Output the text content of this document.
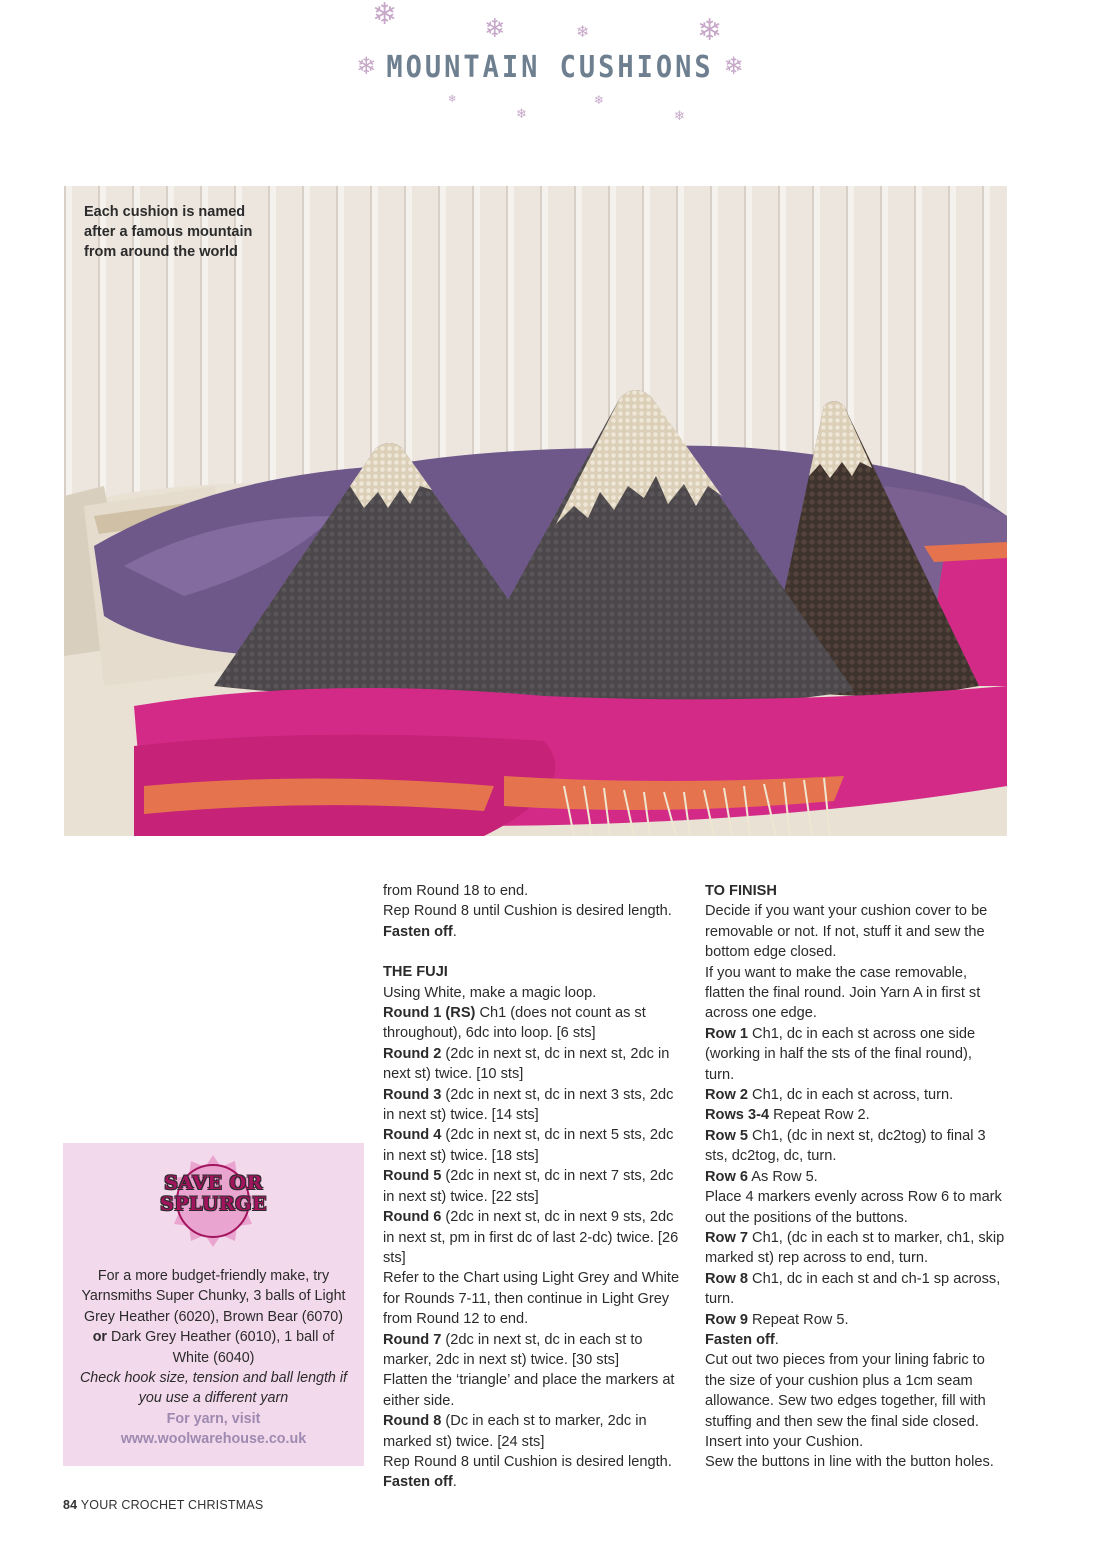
❄	❄	❄	❄
❄
❄
❄
❄
❄ MOUNTAIN CUSHIONS ❄
Each cushion is named
after a famous mountain
from around the world

from Round 18 to end.

Rep Round 8 until Cushion is desired length.

Fasten off.

THE FUJI

Using White, make a magic loop.

Round 1 (RS) Ch1 (does not count as st throughout), 6dc into loop. [6 sts]

Round 2 (2dc in next st, dc in next st, 2dc in next st) twice. [10 sts]

Round 3 (2dc in next st, dc in next 3 sts, 2dc in next st) twice. [14 sts]

Round 4 (2dc in next st, dc in next 5 sts, 2dc in next st) twice. [18 sts]

Round 5 (2dc in next st, dc in next 7 sts, 2dc in next st) twice. [22 sts]

Round 6 (2dc in next st, dc in next 9 sts, 2dc in next st, pm in first dc of last 2-dc) twice. [26 sts]

Refer to the Chart using Light Grey and White for Rounds 7-11, then continue in Light Grey from Round 12 to end.

Round 7 (2dc in next st, dc in each st to marker, 2dc in next st) twice. [30 sts]

Flatten the ‘triangle’ and place the markers at either side.

Round 8 (Dc in each st to marker, 2dc in marked st) twice. [24 sts]

Rep Round 8 until Cushion is desired length.

Fasten off.

TO FINISH

Decide if you want your cushion cover to be removable or not. If not, stuff it and sew the bottom edge closed.

If you want to make the case removable, flatten the final round. Join Yarn A in first st across one edge.

Row 1 Ch1, dc in each st across one side (working in half the sts of the final round), turn.

Row 2 Ch1, dc in each st across, turn.

Rows 3-4 Repeat Row 2.

Row 5 Ch1, (dc in next st, dc2tog) to final 3 sts, dc2tog, dc, turn.

Row 6 As Row 5.

Place 4 markers evenly across Row 6 to mark out the positions of the buttons.

Row 7 Ch1, (dc in each st to marker, ch1, skip marked st) rep across to end, turn.

Row 8 Ch1, dc in each st and ch-1 sp across, turn.

Row 9 Repeat Row 5.

Fasten off.

Cut out two pieces from your lining fabric to the size of your cushion plus a 1cm seam allowance. Sew two edges together, fill with stuffing and then sew the final side closed. Insert into your Cushion.

Sew the buttons in line with the button holes.

SAVE OR
SPLURGE

For a more budget-friendly make, try Yarnsmiths Super Chunky, 3 balls of Light Grey Heather (6020), Brown Bear (6070) or Dark Grey Heather (6010), 1 ball of White (6040)

Check hook size, tension and ball length if you use a different yarn

For yarn, visit

www.woolwarehouse.co.uk

84 YOUR CROCHET CHRISTMAS
